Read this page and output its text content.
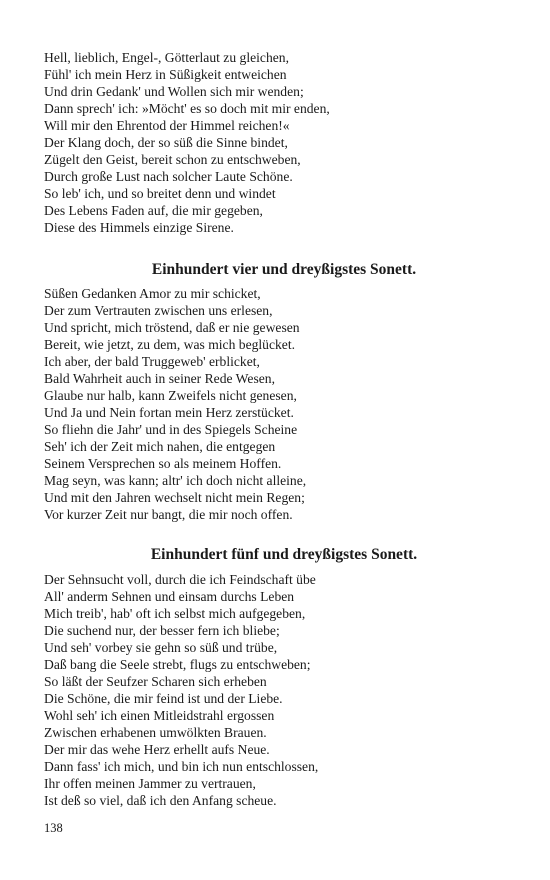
Hell, lieblich, Engel-, Götterlaut zu gleichen,
Fühl' ich mein Herz in Süßigkeit entweichen
Und drin Gedank' und Wollen sich mir wenden;
Dann sprech' ich: »Möcht' es so doch mit mir enden,
Will mir den Ehrentod der Himmel reichen!«
Der Klang doch, der so süß die Sinne bindet,
Zügelt den Geist, bereit schon zu entschweben,
Durch große Lust nach solcher Laute Schöne.
So leb' ich, und so breitet denn und windet
Des Lebens Faden auf, die mir gegeben,
Diese des Himmels einzige Sirene.
Einhundert vier und dreyßigstes Sonett.
Süßen Gedanken Amor zu mir schicket,
Der zum Vertrauten zwischen uns erlesen,
Und spricht, mich tröstend, daß er nie gewesen
Bereit, wie jetzt, zu dem, was mich beglücket.
Ich aber, der bald Truggeweb' erblicket,
Bald Wahrheit auch in seiner Rede Wesen,
Glaube nur halb, kann Zweifels nicht genesen,
Und Ja und Nein fortan mein Herz zerstücket.
So fliehn die Jahr' und in des Spiegels Scheine
Seh' ich der Zeit mich nahen, die entgegen
Seinem Versprechen so als meinem Hoffen.
Mag seyn, was kann; altr' ich doch nicht alleine,
Und mit den Jahren wechselt nicht mein Regen;
Vor kurzer Zeit nur bangt, die mir noch offen.
Einhundert fünf und dreyßigstes Sonett.
Der Sehnsucht voll, durch die ich Feindschaft übe
All' anderm Sehnen und einsam durchs Leben
Mich treib', hab' oft ich selbst mich aufgegeben,
Die suchend nur, der besser fern ich bliebe;
Und seh' vorbey sie gehn so süß und trübe,
Daß bang die Seele strebt, flugs zu entschweben;
So läßt der Seufzer Scharen sich erheben
Die Schöne, die mir feind ist und der Liebe.
Wohl seh' ich einen Mitleidstrahl ergossen
Zwischen erhabenen umwölkten Brauen.
Der mir das wehe Herz erhellt aufs Neue.
Dann fass' ich mich, und bin ich nun entschlossen,
Ihr offen meinen Jammer zu vertrauen,
Ist deß so viel, daß ich den Anfang scheue.
138
